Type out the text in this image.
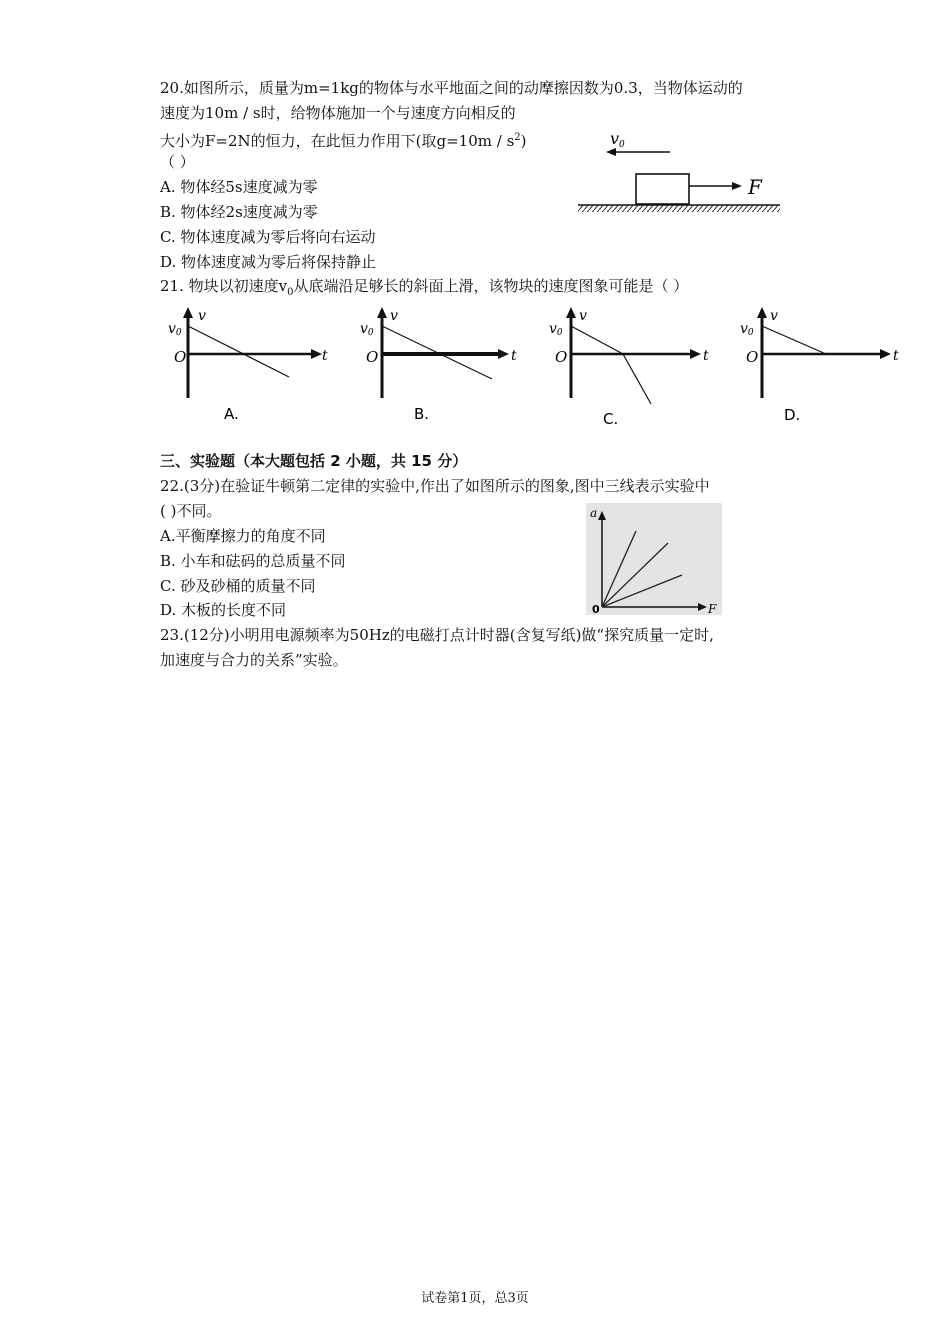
20.如图所示，质量为m=1kg的物体与水平地面之间的动摩擦因数为0.3，当物体运动的
速度为10m / s时，给物体施加一个与速度方向相反的
大小为F=2N的恒力，在此恒力作用下(取$g=10m / s^2$)
（ ）
A. 物体经5s速度减为零
B. 物体经2s速度减为零
C. 物体速度减为零后将向右运动
D. 物体速度减为零后将保持静止
v0
F
21. 物块以初速度$v_0$从底端沿足够长的斜面上滑，该物块的速度图象可能是（ ）
v
v0
O	t
A.
v
v0
O	t
B.
v
v0
O	t
C.
v
v0
O	t
D.
三、实验题（本大题包括 2 小题，共 15 分）
22.(3分)在验证牛顿第二定律的实验中,作出了如图所示的图象,图中三线表示实验中
( )不同。
A.平衡摩擦力的角度不同
B. 小车和砝码的总质量不同
C. 砂及砂桶的质量不同
D. 木板的长度不同
a
F
0
23.(12分)小明用电源频率为50Hz的电磁打点计时器(含复写纸)做“探究质量一定时,
加速度与合力的关系”实验。
试卷第1页，总3页
